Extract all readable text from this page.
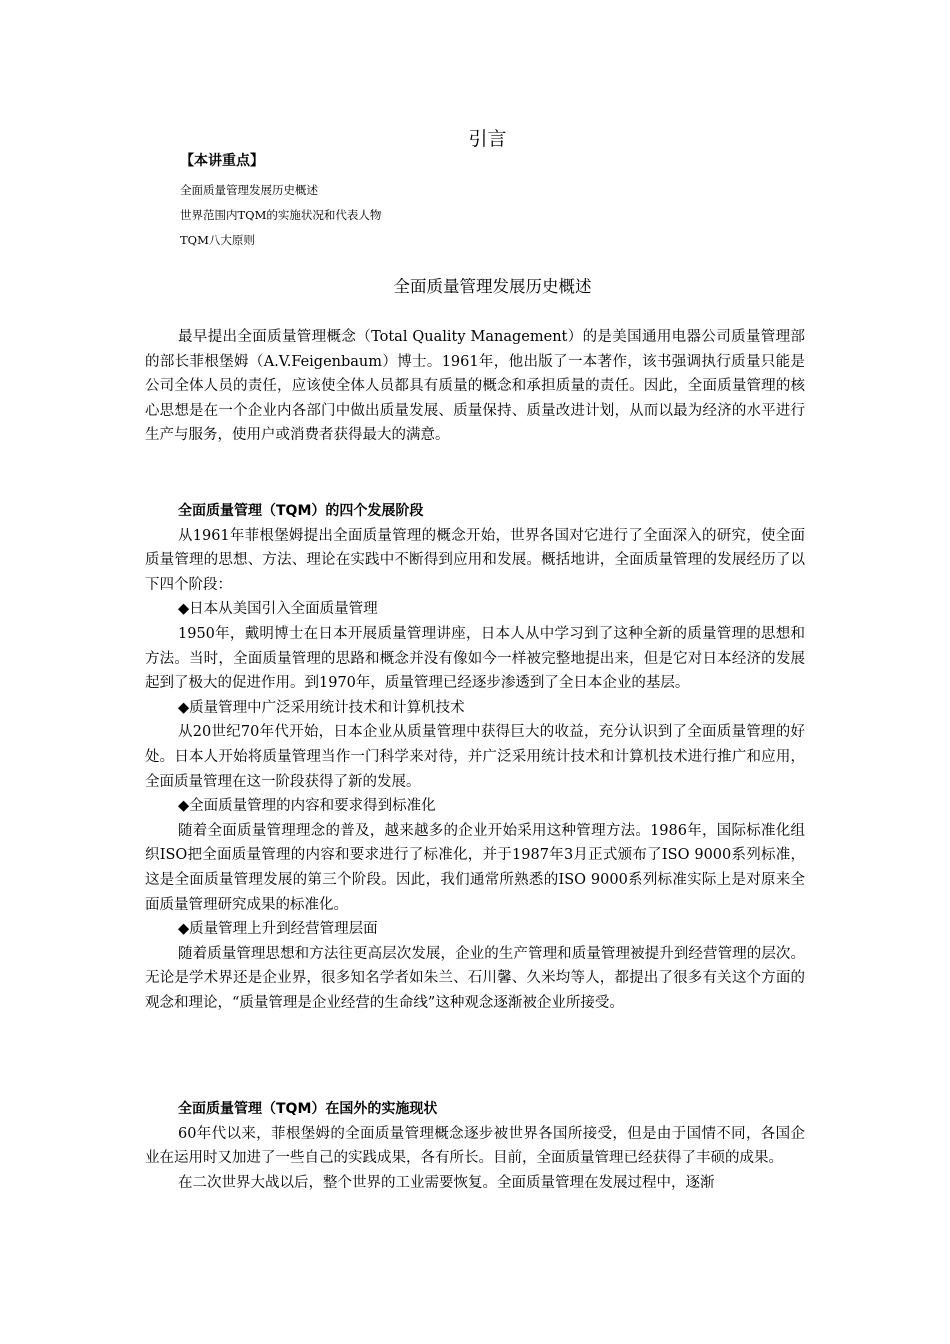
引言
【本讲重点】
全面质量管理发展历史概述
世界范围内TQM的实施状况和代表人物
TQM八大原则
全面质量管理发展历史概述

最早提出全面质量管理概念（Total Quality Management）的是美国通用电器公司质量管理部的部长菲根堡姆（A.V.Feigenbaum）博士。1961年，他出版了一本著作，该书强调执行质量只能是公司全体人员的责任，应该使全体人员都具有质量的概念和承担质量的责任。因此，全面质量管理的核心思想是在一个企业内各部门中做出质量发展、质量保持、质量改进计划，从而以最为经济的水平进行生产与服务，使用户或消费者获得最大的满意。

全面质量管理（TQM）的四个发展阶段

从1961年菲根堡姆提出全面质量管理的概念开始，世界各国对它进行了全面深入的研究，使全面质量管理的思想、方法、理论在实践中不断得到应用和发展。概括地讲，全面质量管理的发展经历了以下四个阶段：

◆日本从美国引入全面质量管理

1950年，戴明博士在日本开展质量管理讲座，日本人从中学习到了这种全新的质量管理的思想和方法。当时，全面质量管理的思路和概念并没有像如今一样被完整地提出来，但是它对日本经济的发展起到了极大的促进作用。到1970年，质量管理已经逐步渗透到了全日本企业的基层。

◆质量管理中广泛采用统计技术和计算机技术

从20世纪70年代开始，日本企业从质量管理中获得巨大的收益，充分认识到了全面质量管理的好处。日本人开始将质量管理当作一门科学来对待，并广泛采用统计技术和计算机技术进行推广和应用，全面质量管理在这一阶段获得了新的发展。

◆全面质量管理的内容和要求得到标准化

随着全面质量管理理念的普及，越来越多的企业开始采用这种管理方法。1986年，国际标准化组织ISO把全面质量管理的内容和要求进行了标准化，并于1987年3月正式颁布了ISO 9000系列标准，这是全面质量管理发展的第三个阶段。因此，我们通常所熟悉的ISO 9000系列标准实际上是对原来全面质量管理研究成果的标准化。

◆质量管理上升到经营管理层面

随着质量管理思想和方法往更高层次发展，企业的生产管理和质量管理被提升到经营管理的层次。无论是学术界还是企业界，很多知名学者如朱兰、石川馨、久米均等人，都提出了很多有关这个方面的观念和理论，“质量管理是企业经营的生命线”这种观念逐渐被企业所接受。

全面质量管理（TQM）在国外的实施现状

60年代以来，菲根堡姆的全面质量管理概念逐步被世界各国所接受，但是由于国情不同，各国企业在运用时又加进了一些自己的实践成果，各有所长。目前，全面质量管理已经获得了丰硕的成果。

在二次世界大战以后，整个世界的工业需要恢复。全面质量管理在发展过程中，逐渐
